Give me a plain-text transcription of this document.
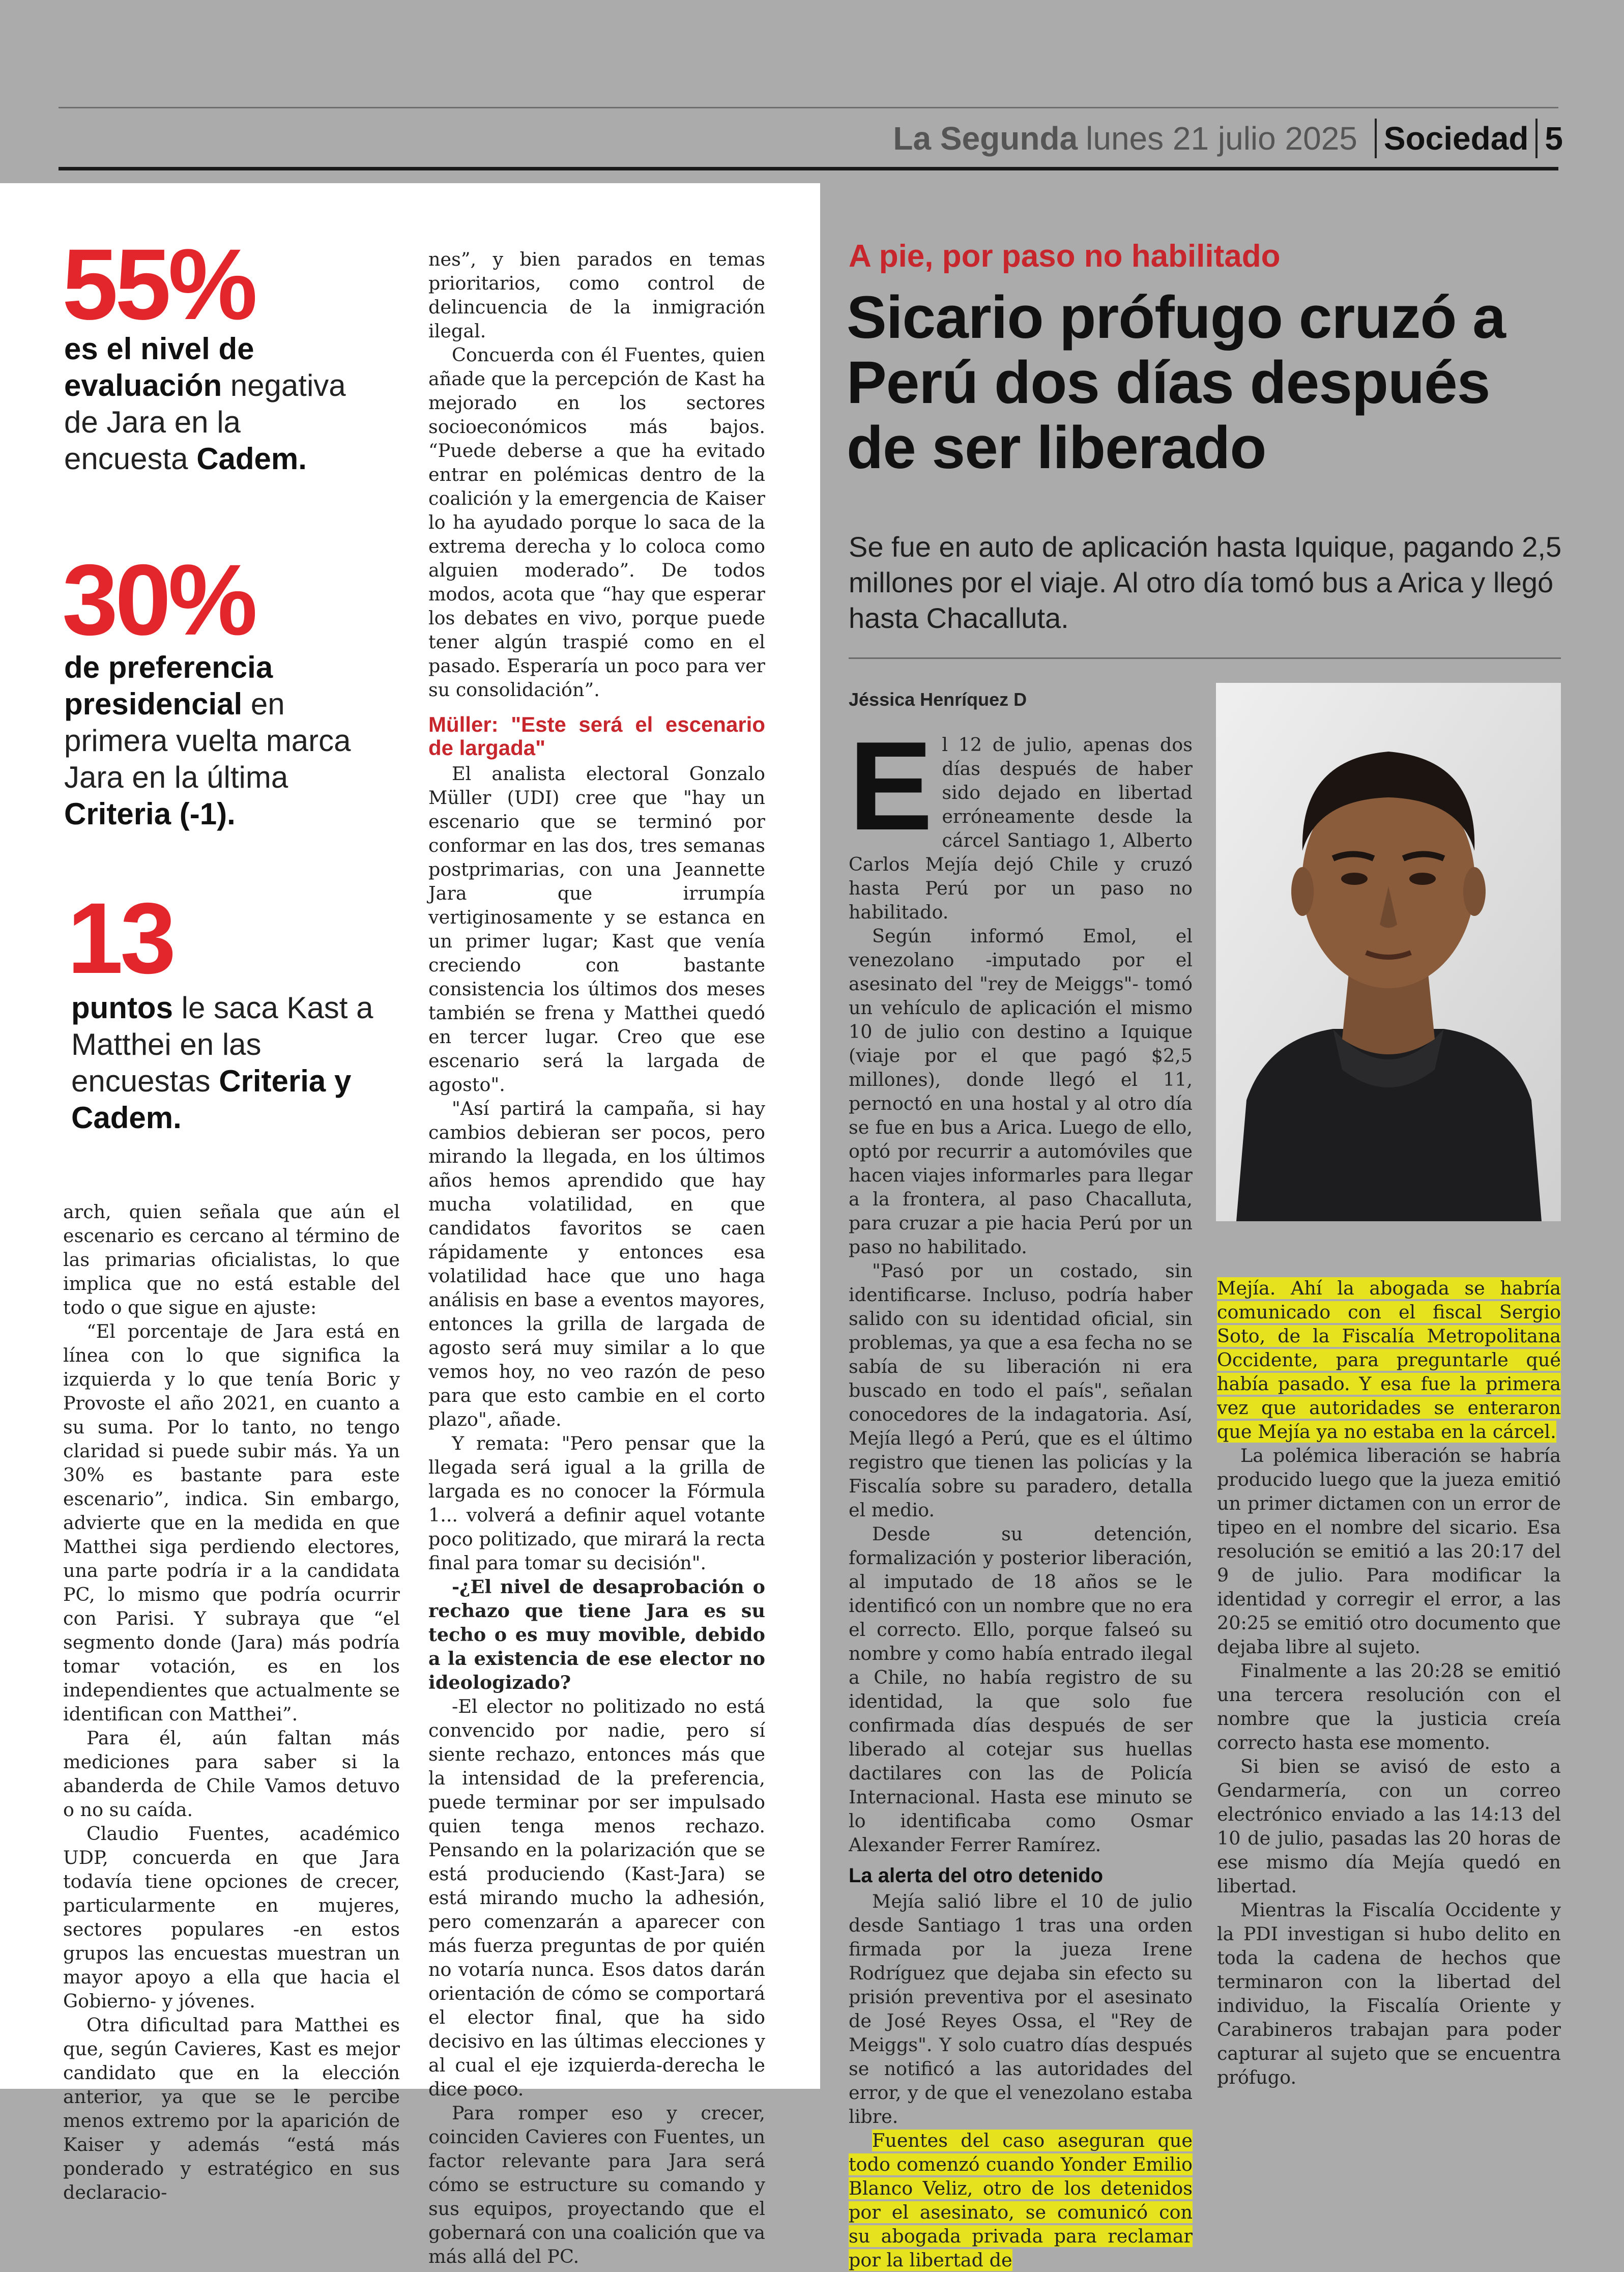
La Segunda lunes 21 julio 2025 Sociedad 5
55%
es el nivel de evaluación negativa de Jara en la encuesta Cadem.
30%
de preferencia presidencial en primera vuelta marca Jara en la última Criteria (-1).
13
puntos le saca Kast a Matthei en las encuestas Criteria y Cadem.

arch, quien señala que aún el escenario es cercano al término de las primarias oficialistas, lo que implica que no está estable del todo o que sigue en ajuste:

“El porcentaje de Jara está en línea con lo que significa la izquierda y lo que tenía Boric y Provoste el año 2021, en cuanto a su suma. Por lo tanto, no tengo claridad si puede subir más. Ya un 30% es bastante para este escenario”, indica. Sin embargo, advierte que en la medida en que Matthei siga perdiendo electores, una parte podría ir a la candidata PC, lo mismo que podría ocurrir con Parisi. Y subraya que “el segmento donde (Jara) más podría tomar votación, es en los independientes que actualmente se identifican con Matthei”.

Para él, aún faltan más mediciones para saber si la abanderda de Chile Vamos detuvo o no su caída.

Claudio Fuentes, académico UDP, concuerda en que Jara todavía tiene opciones de crecer, particularmente en mujeres, sectores populares -en estos grupos las encuestas muestran un mayor apoyo a ella que hacia el Gobierno- y jóvenes.

Otra dificultad para Matthei es que, según Cavieres, Kast es mejor candidato que en la elección anterior, ya que se le percibe menos extremo por la aparición de Kaiser y además “está más ponderado y estratégico en sus declaracio-

nes”, y bien parados en temas prioritarios, como control de delincuencia de la inmigración ilegal.

Concuerda con él Fuentes, quien añade que la percepción de Kast ha mejorado en los sectores socioeconómicos más bajos. “Puede deberse a que ha evitado entrar en polémicas dentro de la coalición y la emergencia de Kaiser lo ha ayudado porque lo saca de la extrema derecha y lo coloca como alguien moderado”. De todos modos, acota que “hay que esperar los debates en vivo, porque puede tener algún traspié como en el pasado. Esperaría un poco para ver su consolidación”.

Müller: "Este será el escenario de largada"

El analista electoral Gonzalo Müller (UDI) cree que "hay un escenario que se terminó por conformar en las dos, tres semanas postprimarias, con una Jeannette Jara que irrumpía vertiginosamente y se estanca en un primer lugar; Kast que venía creciendo con bastante consistencia los últimos dos meses también se frena y Matthei quedó en tercer lugar. Creo que ese escenario será la largada de agosto".

"Así partirá la campaña, si hay cambios debieran ser pocos, pero mirando la llegada, en los últimos años hemos aprendido que hay mucha volatilidad, en que candidatos favoritos se caen rápidamente y entonces esa volatilidad hace que uno haga análisis en base a eventos mayores, entonces la grilla de largada de agosto será muy similar a lo que vemos hoy, no veo razón de peso para que esto cambie en el corto plazo", añade.

Y remata: "Pero pensar que la llegada será igual a la grilla de largada es no conocer la Fórmula 1... volverá a definir aquel votante poco politizado, que mirará la recta final para tomar su decisión".

-¿El nivel de desaprobación o rechazo que tiene Jara es su techo o es muy movible, debido a la existencia de ese elector no ideologizado?

-El elector no politizado no está convencido por nadie, pero sí siente rechazo, entonces más que la intensidad de la preferencia, puede terminar por ser impulsado quien tenga menos rechazo. Pensando en la polarización que se está produciendo (Kast-Jara) se está mirando mucho la adhesión, pero comenzarán a aparecer con más fuerza preguntas de por quién no votaría nunca. Esos datos darán orientación de cómo se comportará el elector final, que ha sido decisivo en las últimas elecciones y al cual el eje izquierda-derecha le dice poco.

Para romper eso y crecer, coinciden Cavieres con Fuentes, un factor relevante para Jara será cómo se estructure su comando y sus equipos, proyectando que el gobernará con una coalición que va más allá del PC.

A pie, por paso no habilitado
Sicario prófugo cruzó a Perú dos días después de ser liberado
Se fue en auto de aplicación hasta Iquique, pagando 2,5 millones por el viaje. Al otro día tomó bus a Arica y llegó hasta Chacalluta.
Jéssica Henríquez D

El 12 de julio, apenas dos días después de haber sido dejado en libertad erróneamente desde la cárcel Santiago 1, Alberto Carlos Mejía dejó Chile y cruzó hasta Perú por un paso no habilitado.

Según informó Emol, el venezolano -imputado por el asesinato del "rey de Meiggs"- tomó un vehículo de aplicación el mismo 10 de julio con destino a Iquique (viaje por el que pagó $2,5 millones), donde llegó el 11, pernoctó en una hostal y al otro día se fue en bus a Arica. Luego de ello, optó por recurrir a automóviles que hacen viajes informarles para llegar a la frontera, al paso Chacalluta, para cruzar a pie hacia Perú por un paso no habilitado.

"Pasó por un costado, sin identificarse. Incluso, podría haber salido con su identidad oficial, sin problemas, ya que a esa fecha no se sabía de su liberación ni era buscado en todo el país", señalan conocedores de la indagatoria. Así, Mejía llegó a Perú, que es el último registro que tienen las policías y la Fiscalía sobre su paradero, detalla el medio.

Desde su detención, formalización y posterior liberación, al imputado de 18 años se le identificó con un nombre que no era el correcto. Ello, porque falseó su nombre y como había entrado ilegal a Chile, no había registro de su identidad, la que solo fue confirmada días después de ser liberado al cotejar sus huellas dactilares con las de Policía Internacional. Hasta ese minuto se lo identificaba como Osmar Alexander Ferrer Ramírez.

La alerta del otro detenido

Mejía salió libre el 10 de julio desde Santiago 1 tras una orden firmada por la jueza Irene Rodríguez que dejaba sin efecto su prisión preventiva por el asesinato de José Reyes Ossa, el "Rey de Meiggs". Y solo cuatro días después se notificó a las autoridades del error, y de que el venezolano estaba libre.

Fuentes del caso aseguran que todo comenzó cuando Yonder Emilio Blanco Veliz, otro de los detenidos por el asesinato, se comunicó con su abogada privada para reclamar por la libertad de

Mejía. Ahí la abogada se habría comunicado con el fiscal Sergio Soto, de la Fiscalía Metropolitana Occidente, para preguntarle qué había pasado. Y esa fue la primera vez que autoridades se enteraron que Mejía ya no estaba en la cárcel.

La polémica liberación se habría producido luego que la jueza emitió un primer dictamen con un error de tipeo en el nombre del sicario. Esa resolución se emitió a las 20:17 del 9 de julio. Para modificar la identidad y corregir el error, a las 20:25 se emitió otro documento que dejaba libre al sujeto.

Finalmente a las 20:28 se emitió una tercera resolución con el nombre que la justicia creía correcto hasta ese momento.

Si bien se avisó de esto a Gendarmería, con un correo electrónico enviado a las 14:13 del 10 de julio, pasadas las 20 horas de ese mismo día Mejía quedó en libertad.

Mientras la Fiscalía Occidente y la PDI investigan si hubo delito en toda la cadena de hechos que terminaron con la libertad del individuo, la Fiscalía Oriente y Carabineros trabajan para poder capturar al sujeto que se encuentra prófugo.
